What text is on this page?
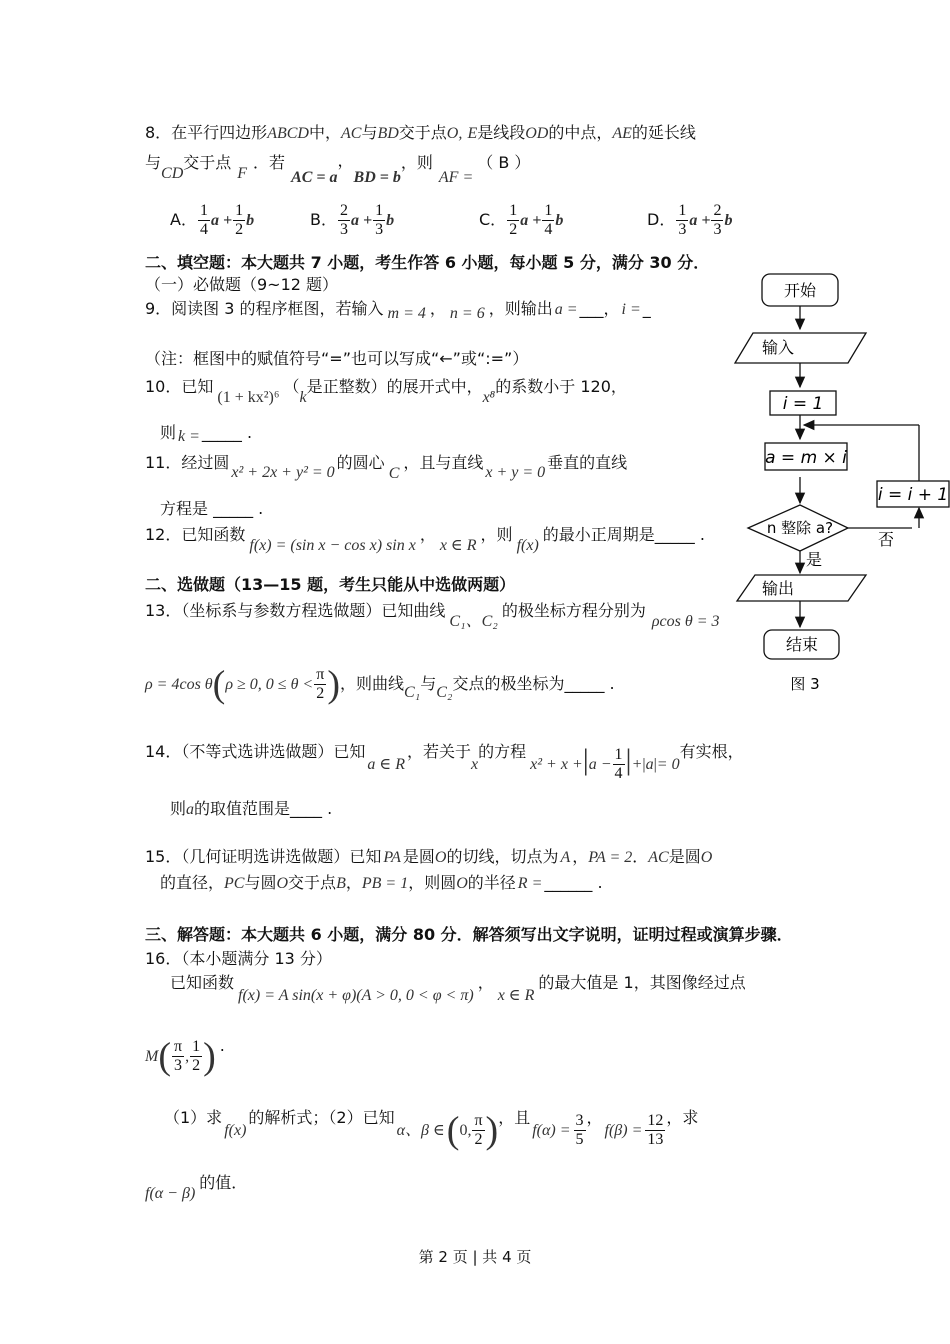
8．在平行四边形ABCD中，AC与BD交于点O, E是线段OD的中点，AE的延长线
与CD交于点F．若AC = a，BD = b，则AF =（ B ）
A． $\frac{1}{4}$ $a + \frac{1}{2}$ b	B． $\frac{2}{3}$ $a + \frac{1}{3}$ b	C． $\frac{1}{2}$ $a + \frac{1}{4}$ b	D． $\frac{1}{3}$ $a + \frac{2}{3}$ b
二、填空题：本大题共 7 小题，考生作答 6 小题，每小题 5 分，满分 30 分．
（一）必做题（9~12 题）
9．阅读图 3 的程序框图，若输入 m = 4 ， n = 6 ，则输出 a = ___， i = _
（注：框图中的赋值符号“=”也可以写成“←”或“:=”）
10．已知(1 + kx²)⁶（k是正整数）的展开式中，x⁸的系数小于 120，
则 k = _____ .
11．经过圆x² + 2x + y² = 0的圆心C，且与直线x + y = 0垂直的直线
方程是 _____ .
12．已知函数f(x) = (sin x − cos x) sin x，x ∈ R，则f(x)的最小正周期是_____ .
二、选做题（13—15 题，考生只能从中选做两题）
13．（坐标系与参数方程选做题）已知曲线C₁、C₂的极坐标方程分别为ρcos θ = 3
ρ = 4cos θ(ρ ≥ 0, $0 \le \theta < \frac{\pi}{2}$ )，则曲线C₁与C₂交点的极坐标为_____ .
14．（不等式选讲选做题）已知a ∈ R，若关于x的方程$x^2 + x +|a - \frac{1}{4} |+|a|= 0$有实根，
则a的取值范围是____ .
15．（几何证明选讲选做题）已知 PA 是圆O的切线，切点为 A ，PA = 2．AC是圆O
的直径，PC与圆O交于点B，PB = 1，则圆O的半径 R = ______ .
三、解答题：本大题共 6 小题，满分 80 分．解答须写出文字说明，证明过程或演算步骤．
16．（本小题满分 13 分）
已知函数f(x) = A sin(x + φ)(A > 0, 0 < φ < π)，x ∈ R的最大值是 1，其图像经过点
$M( \frac{\pi}{3}$ , $\frac{1}{2}$ ) .
（1）求f(x)的解析式；（2）已知α、β ∈(0, $\frac{\pi}{2}$ )，且$f(\alpha) = \frac{3}{5}$ ，$f(\beta) = \frac{12}{13}$ ，求
f(α − β)的值．
开始
输入
i = 1
a = m × i
n 整除 a?
否
i = i + 1
是
输出
结束
图 3
第 2 页 | 共 4 页
